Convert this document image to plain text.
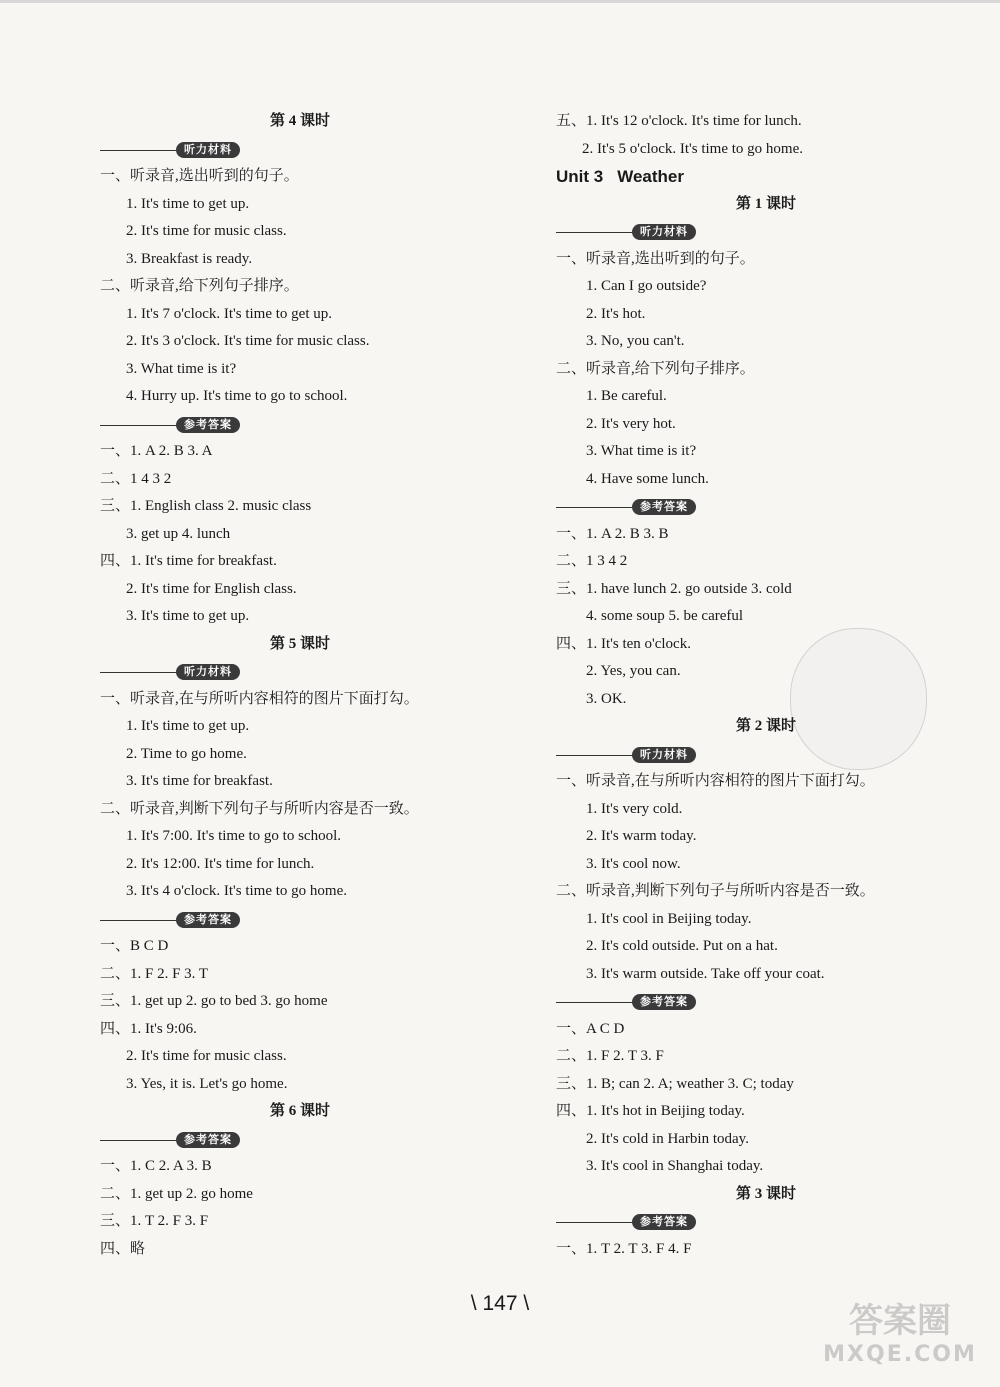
第 4 课时
听力材料
一、听录音,选出听到的句子。
1. It's time to get up.
2. It's time for music class.
3. Breakfast is ready.
二、听录音,给下列句子排序。
1. It's 7 o'clock. It's time to get up.
2. It's 3 o'clock. It's time for music class.
3. What time is it?
4. Hurry up. It's time to go to school.
参考答案
一、1. A 2. B 3. A
二、1 4 3 2
三、1. English class 2. music class
3. get up 4. lunch
四、1. It's time for breakfast.
2. It's time for English class.
3. It's time to get up.
第 5 课时
听力材料
一、听录音,在与所听内容相符的图片下面打勾。
1. It's time to get up.
2. Time to go home.
3. It's time for breakfast.
二、听录音,判断下列句子与所听内容是否一致。
1. It's 7:00. It's time to go to school.
2. It's 12:00. It's time for lunch.
3. It's 4 o'clock. It's time to go home.
参考答案
一、B C D
二、1. F 2. F 3. T
三、1. get up 2. go to bed 3. go home
四、1. It's 9:06.
2. It's time for music class.
3. Yes, it is. Let's go home.
第 6 课时
参考答案
一、1. C 2. A 3. B
二、1. get up 2. go home
三、1. T 2. F 3. F
四、略
五、1. It's 12 o'clock. It's time for lunch.
2. It's 5 o'clock. It's time to go home.
Unit 3 Weather
第 1 课时
听力材料
一、听录音,选出听到的句子。
1. Can I go outside?
2. It's hot.
3. No, you can't.
二、听录音,给下列句子排序。
1. Be careful.
2. It's very hot.
3. What time is it?
4. Have some lunch.
参考答案
一、1. A 2. B 3. B
二、1 3 4 2
三、1. have lunch 2. go outside 3. cold
4. some soup 5. be careful
四、1. It's ten o'clock.
2. Yes, you can.
3. OK.
第 2 课时
听力材料
一、听录音,在与所听内容相符的图片下面打勾。
1. It's very cold.
2. It's warm today.
3. It's cool now.
二、听录音,判断下列句子与所听内容是否一致。
1. It's cool in Beijing today.
2. It's cold outside. Put on a hat.
3. It's warm outside. Take off your coat.
参考答案
一、A C D
二、1. F 2. T 3. F
三、1. B; can 2. A; weather 3. C; today
四、1. It's hot in Beijing today.
2. It's cold in Harbin today.
3. It's cool in Shanghai today.
第 3 课时
参考答案
一、1. T 2. T 3. F 4. F
\ 147 \	答案圈
MXQE.COM
